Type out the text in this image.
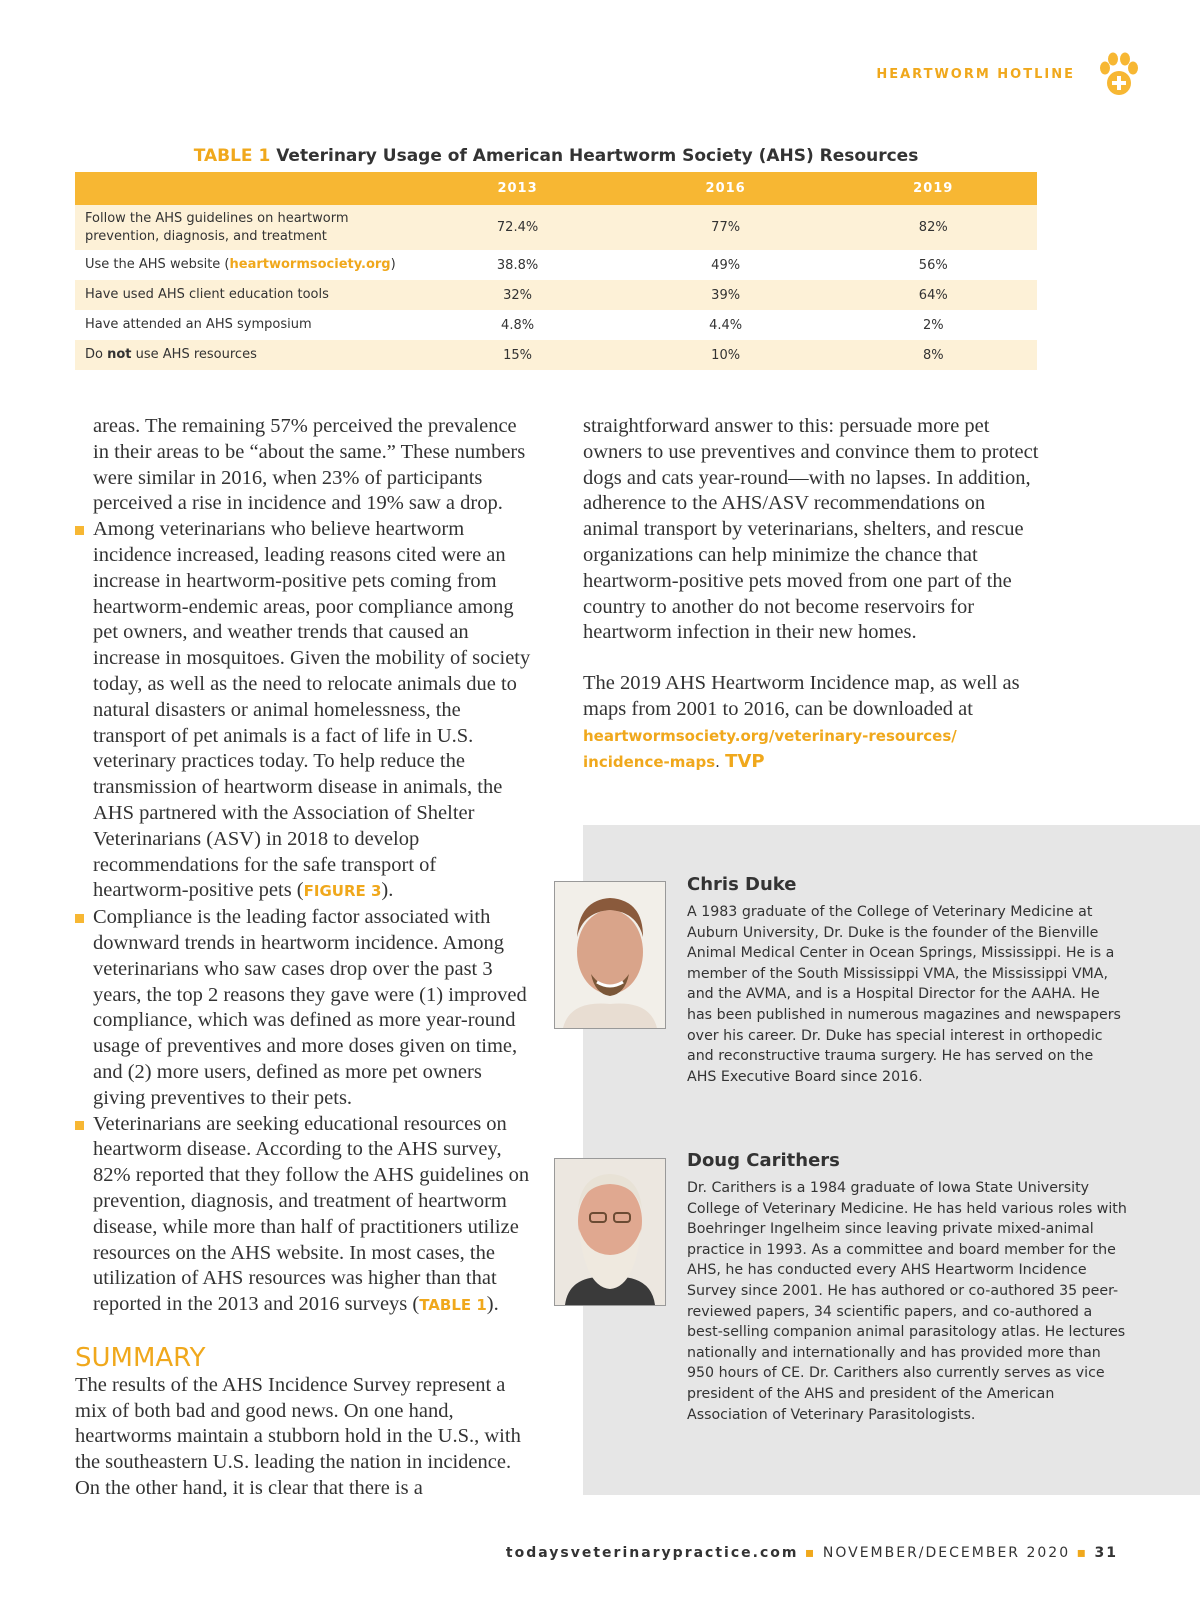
HEARTWORM HOTLINE
TABLE 1 Veterinary Usage of American Heartworm Society (AHS) Resources
	2013	2016	2019
Follow the AHS guidelines on heartworm prevention, diagnosis, and treatment	72.4%	77%	82%
Use the AHS website (heartwormsociety.org)	38.8%	49%	56%
Have used AHS client education tools	32%	39%	64%
Have attended an AHS symposium	4.8%	4.4%	2%
Do not use AHS resources	15%	10%	8%

areas. The remaining 57% perceived the prevalence in their areas to be “about the same.” These numbers were similar in 2016, when 23% of participants perceived a rise in incidence and 19% saw a drop.

Among veterinarians who believe heartworm incidence increased, leading reasons cited were an increase in heartworm-positive pets coming from heartworm-endemic areas, poor compliance among pet owners, and weather trends that caused an increase in mosquitoes. Given the mobility of society today, as well as the need to relocate animals due to natural disasters or animal homelessness, the transport of pet animals is a fact of life in U.S. veterinary practices today. To help reduce the transmission of heartworm disease in animals, the AHS partnered with the Association of Shelter Veterinarians (ASV) in 2018 to develop recommendations for the safe transport of heartworm-positive pets (FIGURE 3).

Compliance is the leading factor associated with downward trends in heartworm incidence. Among veterinarians who saw cases drop over the past 3 years, the top 2 reasons they gave were (1) improved compliance, which was defined as more year-round usage of preventives and more doses given on time, and (2) more users, defined as more pet owners giving preventives to their pets.

Veterinarians are seeking educational resources on heartworm disease. According to the AHS survey, 82% reported that they follow the AHS guidelines on prevention, diagnosis, and treatment of heartworm disease, while more than half of practitioners utilize resources on the AHS website. In most cases, the utilization of AHS resources was higher than that reported in the 2013 and 2016 surveys (TABLE 1).

SUMMARY

The results of the AHS Incidence Survey represent a mix of both bad and good news. On one hand, heartworms maintain a stubborn hold in the U.S., with the southeastern U.S. leading the nation in incidence. On the other hand, it is clear that there is a

straightforward answer to this: persuade more pet owners to use preventives and convince them to protect dogs and cats year-round—with no lapses. In addition, adherence to the AHS/ASV recommendations on animal transport by veterinarians, shelters, and rescue organizations can help minimize the chance that heartworm-positive pets moved from one part of the country to another do not become reservoirs for heartworm infection in their new homes.

The 2019 AHS Heartworm Incidence map, as well as maps from 2001 to 2016, can be downloaded at

heartwormsociety.org/veterinary-resources/
incidence-maps. TVP
Chris Duke

A 1983 graduate of the College of Veterinary Medicine at Auburn University, Dr. Duke is the founder of the Bienville Animal Medical Center in Ocean Springs, Mississippi. He is a member of the South Mississippi VMA, the Mississippi VMA, and the AVMA, and is a Hospital Director for the AAHA. He has been published in numerous magazines and newspapers over his career. Dr. Duke has special interest in orthopedic and reconstructive trauma surgery. He has served on the AHS Executive Board since 2016.

Doug Carithers

Dr. Carithers is a 1984 graduate of Iowa State University College of Veterinary Medicine. He has held various roles with Boehringer Ingelheim since leaving private mixed-animal practice in 1993. As a committee and board member for the AHS, he has conducted every AHS Heartworm Incidence Survey since 2001. He has authored or co-authored 35 peer-reviewed papers, 34 scientific papers, and co-authored a best-selling companion animal parasitology atlas. He lectures nationally and internationally and has provided more than 950 hours of CE. Dr. Carithers also currently serves as vice president of the AHS and president of the American Association of Veterinary Parasitologists.

todaysveterinarypractice.com ▪ NOVEMBER/DECEMBER 2020 ▪ 31
